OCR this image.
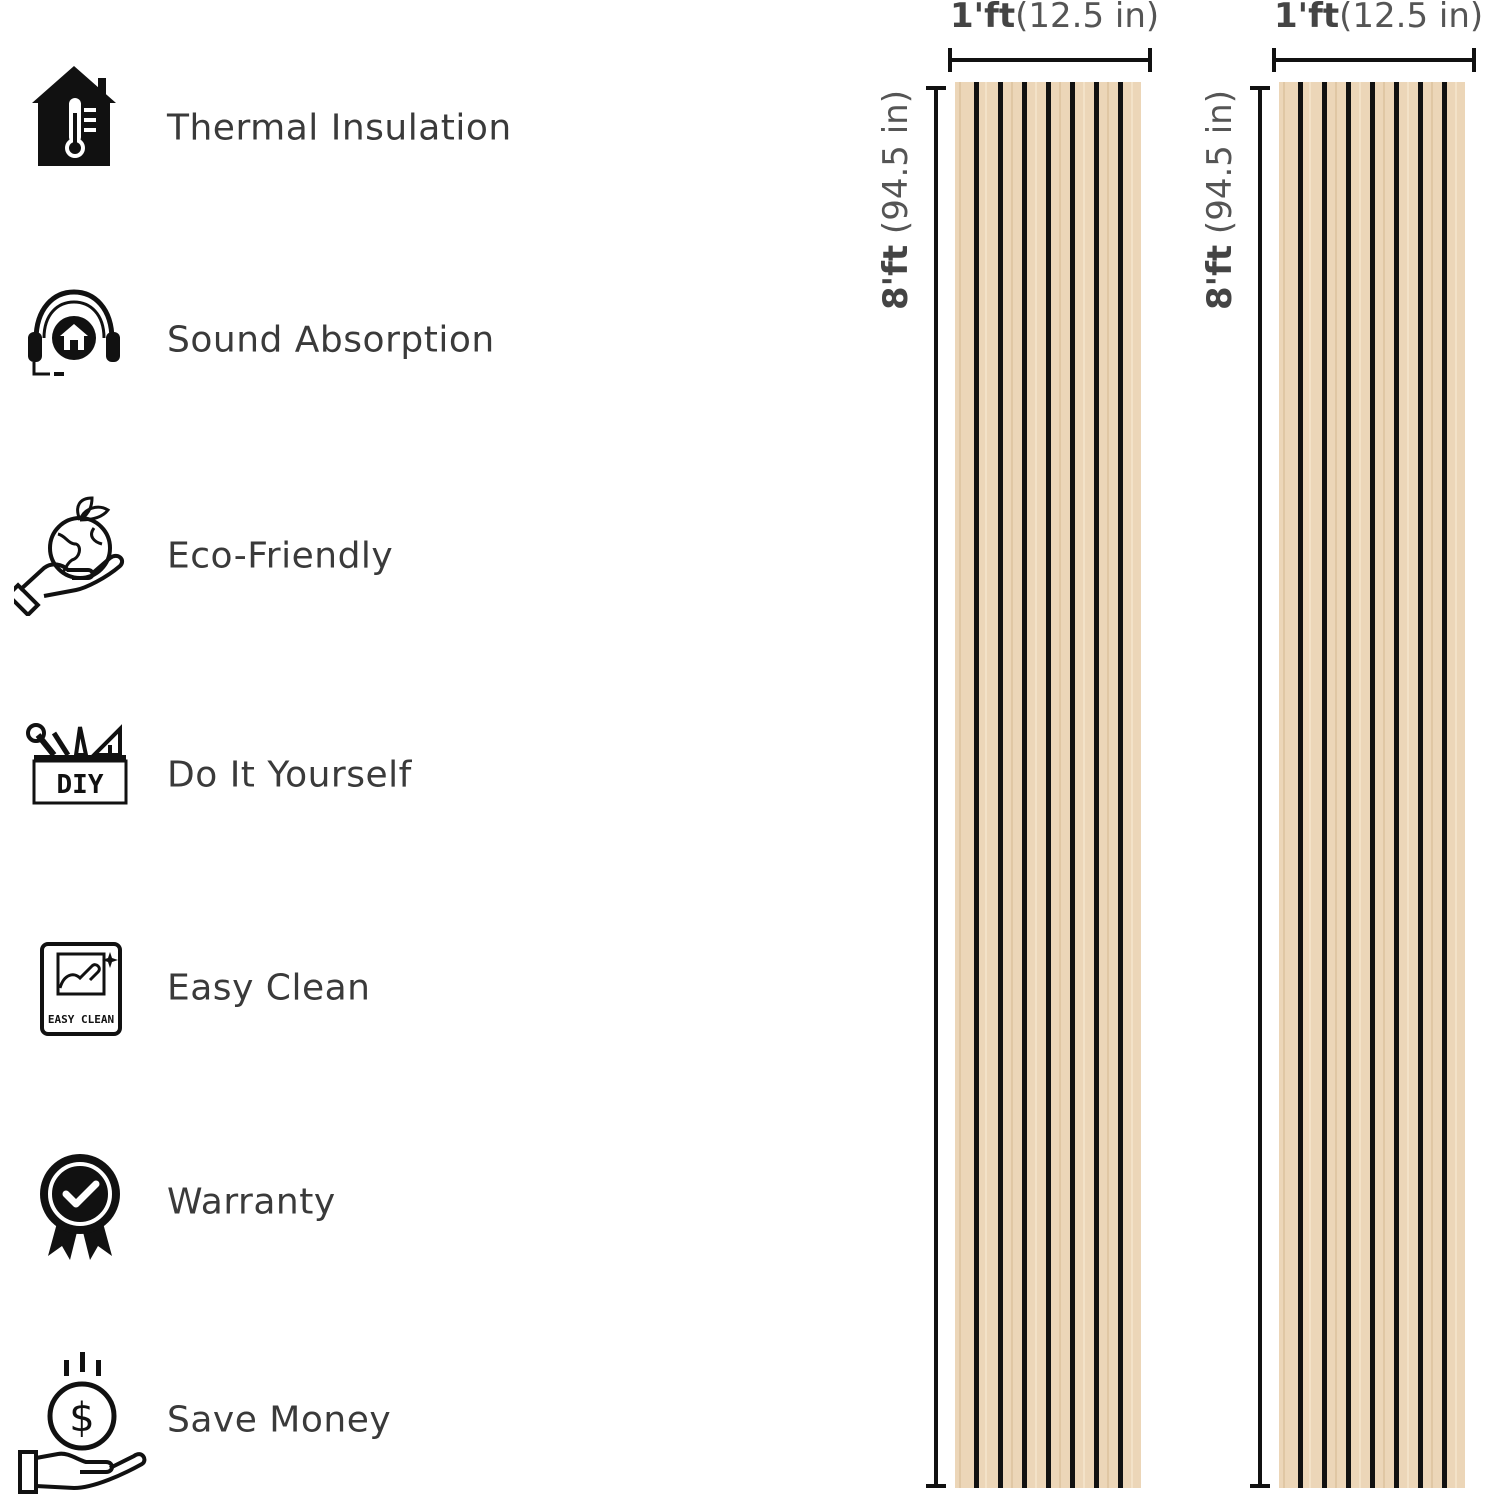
Thermal Insulation
Sound Absorption
Eco-Friendly
DIY Do It Yourself
EASY CLEAN
Easy Clean
Warranty
$ Save Money
1'ft(12.5 in)
8'ft (94.5 in)
1'ft(12.5 in)
8'ft (94.5 in)
